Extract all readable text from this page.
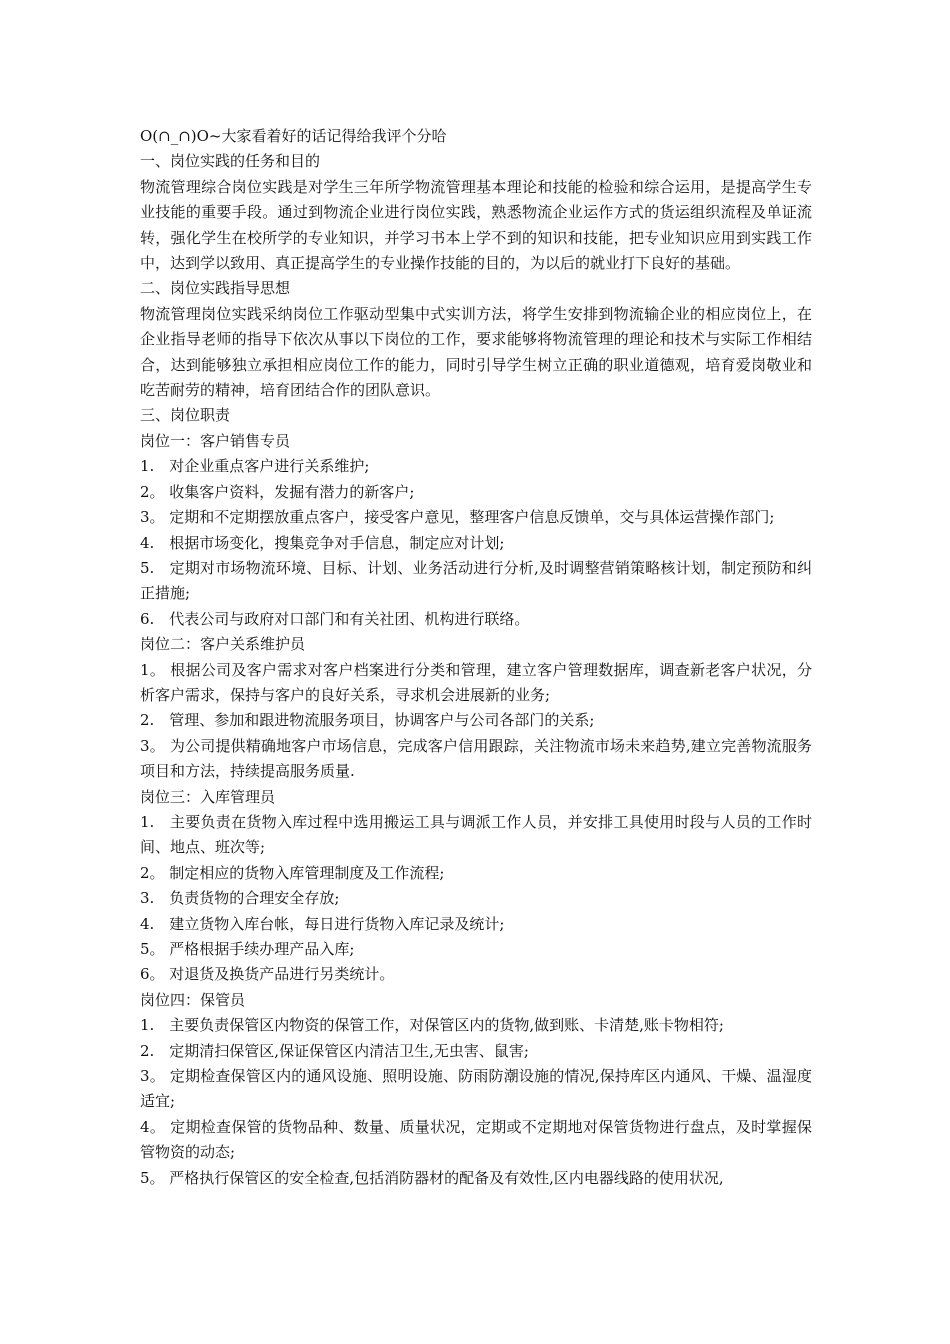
O(∩_∩)O~大家看着好的话记得给我评个分哈

一、岗位实践的任务和目的

物流管理综合岗位实践是对学生三年所学物流管理基本理论和技能的检验和综合运用，是提高学生专业技能的重要手段。通过到物流企业进行岗位实践，熟悉物流企业运作方式的货运组织流程及单证流转，强化学生在校所学的专业知识，并学习书本上学不到的知识和技能，把专业知识应用到实践工作中，达到学以致用、真正提高学生的专业操作技能的目的，为以后的就业打下良好的基础。

二、岗位实践指导思想

物流管理岗位实践采纳岗位工作驱动型集中式实训方法，将学生安排到物流输企业的相应岗位上，在企业指导老师的指导下依次从事以下岗位的工作，要求能够将物流管理的理论和技术与实际工作相结合，达到能够独立承担相应岗位工作的能力，同时引导学生树立正确的职业道德观，培育爱岗敬业和吃苦耐劳的精神，培育团结合作的团队意识。

三、岗位职责

岗位一：客户销售专员

1.　对企业重点客户进行关系维护;

2。 收集客户资料，发掘有潜力的新客户;

3。 定期和不定期摆放重点客户，接受客户意见，整理客户信息反馈单，交与具体运营操作部门;

4.　根据市场变化，搜集竞争对手信息，制定应对计划;

5.　定期对市场物流环境、目标、计划、业务活动进行分析,及时调整营销策略核计划，制定预防和纠正措施;

6.　代表公司与政府对口部门和有关社团、机构进行联络。

岗位二：客户关系维护员

1。 根据公司及客户需求对客户档案进行分类和管理，建立客户管理数据库，调查新老客户状况，分析客户需求，保持与客户的良好关系，寻求机会进展新的业务;

2.　管理、参加和跟进物流服务项目，协调客户与公司各部门的关系;

3。 为公司提供精确地客户市场信息，完成客户信用跟踪，关注物流市场未来趋势,建立完善物流服务项目和方法，持续提高服务质量.

岗位三：入库管理员

1.　主要负责在货物入库过程中选用搬运工具与调派工作人员，并安排工具使用时段与人员的工作时间、地点、班次等;

2。 制定相应的货物入库管理制度及工作流程;

3.　负责货物的合理安全存放;

4.　建立货物入库台帐，每日进行货物入库记录及统计;

5。 严格根据手续办理产品入库;

6。 对退货及换货产品进行另类统计。

岗位四：保管员

1.　主要负责保管区内物资的保管工作，对保管区内的货物,做到账、卡清楚,账卡物相符;

2.　定期清扫保管区,保证保管区内清洁卫生,无虫害、鼠害;

3。 定期检查保管区内的通风设施、照明设施、防雨防潮设施的情况,保持库区内通风、干燥、温湿度适宜;

4。 定期检查保管的货物品种、数量、质量状况，定期或不定期地对保管货物进行盘点，及时掌握保管物资的动态;

5。 严格执行保管区的安全检查,包括消防器材的配备及有效性,区内电器线路的使用状况,
